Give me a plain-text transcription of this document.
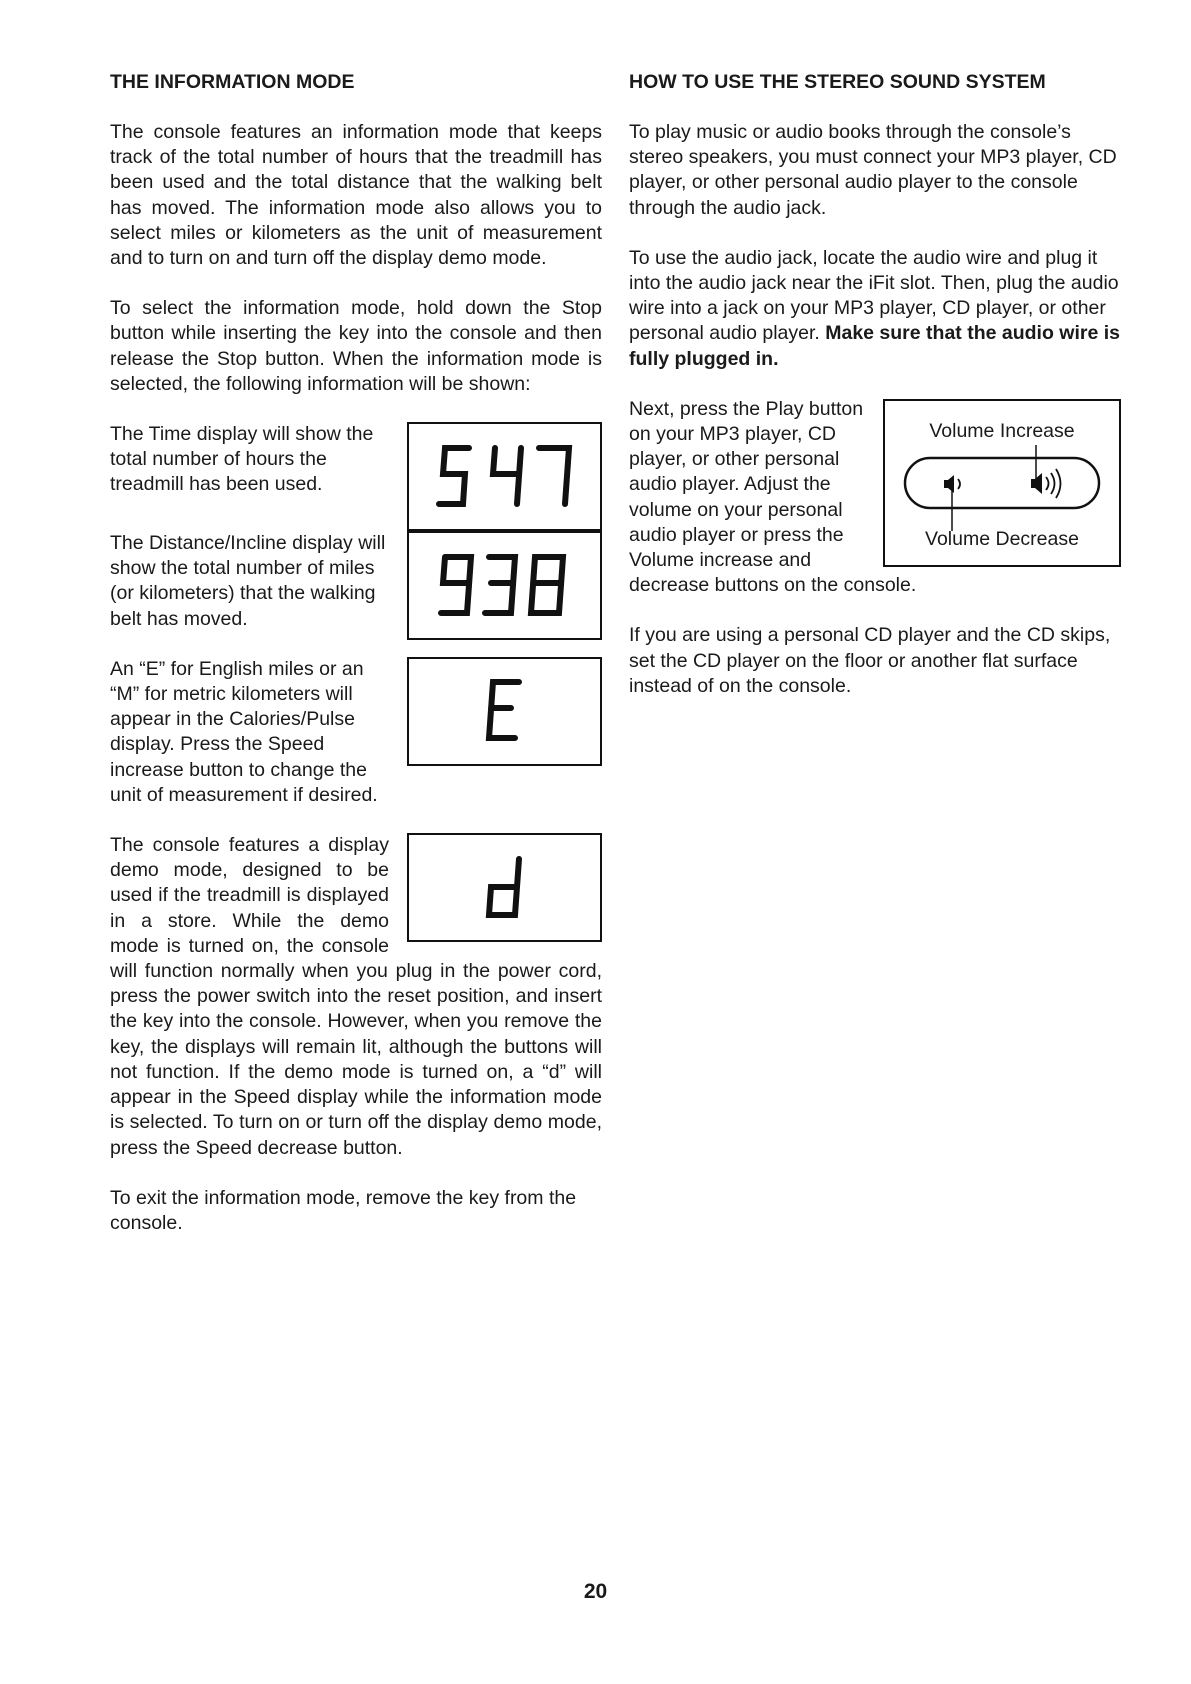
THE INFORMATION MODE

The console features an information mode that keeps track of the total number of hours that the treadmill has been used and the total distance that the walking belt has moved. The information mode also allows you to select miles or kilometers as the unit of measurement and to turn on and turn off the display demo mode.

To select the information mode, hold down the Stop button while inserting the key into the console and then release the Stop button. When the information mode is selected, the following information will be shown:

The Time display will show the total number of hours the treadmill has been used.
The Distance/Incline display will show the total number of miles (or kilometers) that the walking belt has moved.
An “E” for English miles or an “M” for metric kilometers will appear in the Calories/Pulse display. Press the Speed increase button to change the unit of measurement if desired.
The console features a display demo mode, designed to be used if the treadmill is displayed in a store. While the demo mode is turned on, the console will function normally when you plug in the power cord, press the power switch into the reset position, and insert the key into the console. However, when you remove the key, the displays will remain lit, although the buttons will not function. If the demo mode is turned on, a “d” will appear in the Speed display while the information mode is selected. To turn on or turn off the display demo mode, press the Speed decrease button.

To exit the information mode, remove the key from the console.

HOW TO USE THE STEREO SOUND SYSTEM

To play music or audio books through the console’s stereo speakers, you must connect your MP3 player, CD player, or other personal audio player to the console through the audio jack.

To use the audio jack, locate the audio wire and plug it into the audio jack near the iFit slot. Then, plug the audio wire into a jack on your MP3 player, CD player, or other personal audio player. Make sure that the audio wire is fully plugged in.

Volume Increase
Volume Decrease

Next, press the Play button on your MP3 player, CD player, or other personal audio player. Adjust the volume on your personal audio player or press the Volume increase and decrease buttons on the console.

If you are using a personal CD player and the CD skips, set the CD player on the floor or another flat surface instead of on the console.

20
